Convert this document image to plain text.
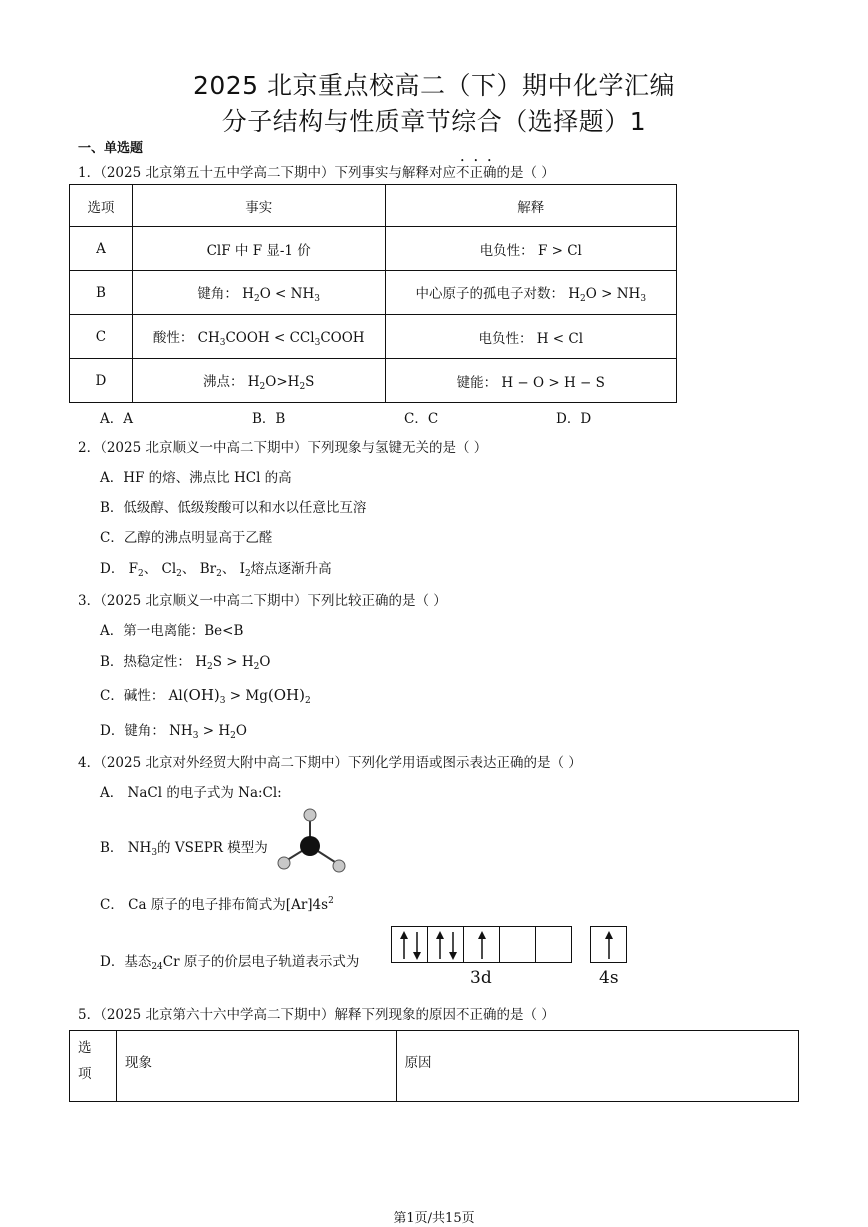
2025 北京重点校高二（下）期中化学汇编
分子结构与性质章节综合（选择题）1
一、单选题
1．（2025 北京第五十五中学高二下期中）下列事实与解释对应不正确的是（ ）
选项	事实	解释
A	ClF 中 F 显-1 价	电负性： F > Cl
B	键角： $H_2O < NH_3$	中心原子的孤电子对数： $H_2O > NH_3$
C	酸性： $CH_3COOH$ < CCl$_3$COOH	电负性： H < Cl
D	沸点： $H_2O>H_2S$	键能： H − O > H − S
A．A	B．B	C．C	D．D
2．（2025 北京顺义一中高二下期中）下列现象与氢键无关的是（ ）
A．HF 的熔、沸点比 HCl 的高
B．低级醇、低级羧酸可以和水以任意比互溶
C．乙醇的沸点明显高于乙醛
D． $F_2$、 $Cl_2$、 $Br_2$、 $I_2$熔点逐渐升高
3．（2025 北京顺义一中高二下期中）下列比较正确的是（ ）
A．第一电离能：Be<B
B．热稳定性： $H_2S > H_2O$
C．碱性： $Al(OH)_3 > Mg(OH)_2$
D．键角： $NH_3 > H_2O$
4．（2025 北京对外经贸大附中高二下期中）下列化学用语或图示表达正确的是（ ）
A． NaCl 的电子式为 Na:Cl:
B． $NH_3$的 VSEPR 模型为
C． Ca 原子的电子排布简式为$[Ar]4s^2$
D．基态$_{24}$Cr 原子的价层电子轨道表示式为
3d	4s
5．（2025 北京第六十六中学高二下期中）解释下列现象的原因不正确的是（ ）
选项
	现象	原因
第1页/共15页
